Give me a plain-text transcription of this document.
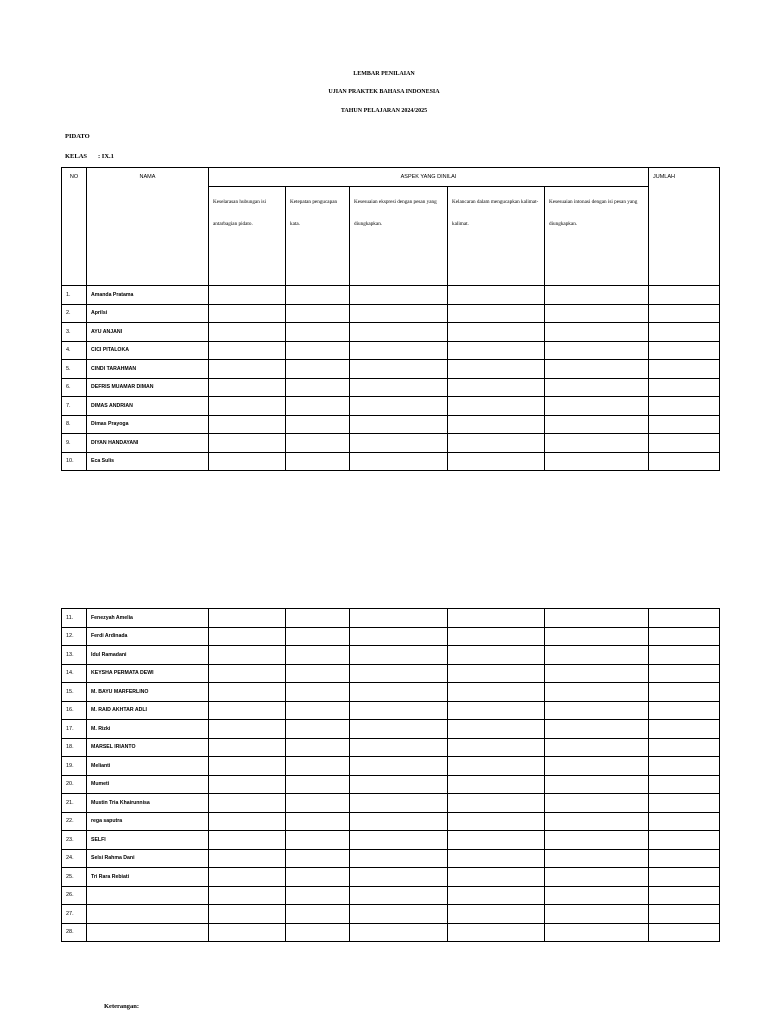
LEMBAR PENILAIAN
UJIAN PRAKTEK BAHASA INDONESIA
TAHUN PELAJARAN 2024/2025
PIDATO
KELAS : IX.1
NO	NAMA	ASPEK YANG DINILAI					JUMLAH
		Keselarasan hubungan isi antarbagian pidato.	Ketepatan pengucapan kata.	Kesesuaian ekspresi dengan pesan yang diungkapkan.	Kelancaran dalam mengucapkan kalimat-kalimat.	Kesesuaian intonasi dengan isi pesan yang diungkapkan.	
1.	Amanda Pratama						
2.	Aprilsi						
3.	AYU ANJANI						
4.	CICI PITALOKA						
5.	CINDI TARAHMAN						
6.	DEFRIS MUAMAR DIMAN						
7.	DIMAS ANDRIAN						
8.	Dimas Prayoga						
9.	DIYAN HANDAYANI						
10.	Eca Sulis						
11.	Fenezyah Amelia						
12.	Ferdi Ardinada						
13.	Idul Ramadani						
14.	KEYSHA PERMATA DEWI						
15.	M. BAYU MARFERLINO						
16.	M. RAID AKHTAR ADLI						
17.	M. Rizki						
18.	MARSEL IRIANTO						
19.	Melianti						
20.	Mumeti						
21.	Mustin Tria Khairunnisa						
22.	rega saputra						
23.	SELFI						
24.	Selsi Rahma Dani						
25.	Tri Rara Rebiati						
26.							
27.							
28.							
Keterangan:
